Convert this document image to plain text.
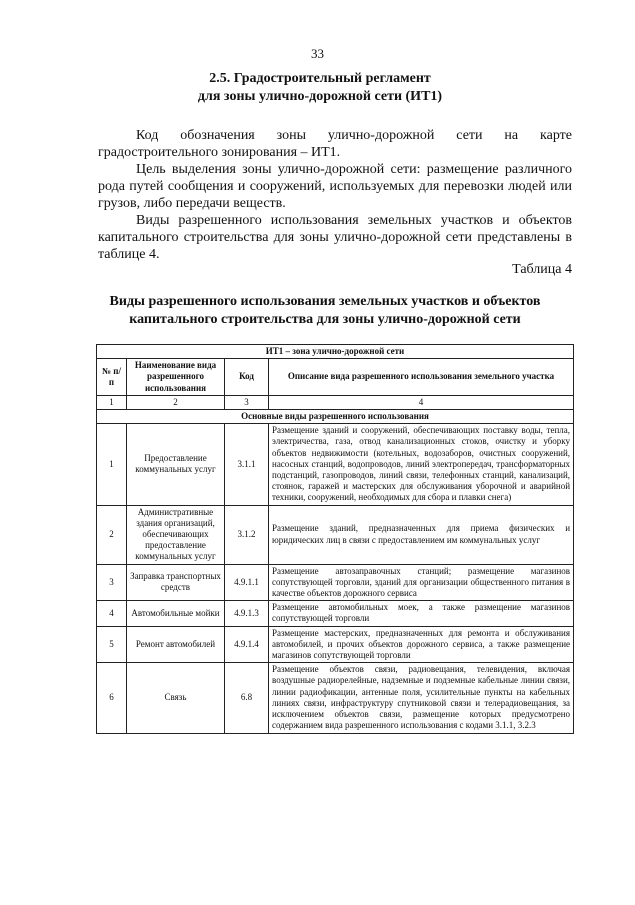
33
2.5. Градостроительный регламент
для зоны улично-дорожной сети (ИТ1)
Код обозначения зоны улично-дорожной сети на карте градостроительного зонирования – ИТ1.
Цель выделения зоны улично-дорожной сети: размещение различного рода путей сообщения и сооружений, используемых для перевозки людей или грузов, либо передачи веществ.
Виды разрешенного использования земельных участков и объектов капитального строительства для зоны улично-дорожной сети представлены в таблице 4.
Таблица 4
Виды разрешенного использования земельных участков и объектов
капитального строительства для зоны улично-дорожной сети
ИТ1 – зона улично-дорожной сети			
№ п/п	Наименование вида разрешенного использования	Код	Описание вида разрешенного использования земельного участка
1	2	3	4
Основные виды разрешенного использования			
1	Предоставление коммунальных услуг	3.1.1	Размещение зданий и сооружений, обеспечивающих поставку воды, тепла, электричества, газа, отвод канализационных стоков, очистку и уборку объектов недвижимости (котельных, водозаборов, очистных сооружений, насосных станций, водопроводов, линий электропередач, трансформаторных подстанций, газопроводов, линий связи, телефонных станций, канализаций, стоянок, гаражей и мастерских для обслуживания уборочной и аварийной техники, сооружений, необходимых для сбора и плавки снега)
2	Административные здания организаций, обеспечивающих предоставление коммунальных услуг	3.1.2	Размещение зданий, предназначенных для приема физических и юридических лиц в связи с предоставлением им коммунальных услуг
3	Заправка транспортных средств	4.9.1.1	Размещение автозаправочных станций; размещение магазинов сопутствующей торговли, зданий для организации общественного питания в качестве объектов дорожного сервиса
4	Автомобильные мойки	4.9.1.3	Размещение автомобильных моек, а также размещение магазинов сопутствующей торговли
5	Ремонт автомобилей	4.9.1.4	Размещение мастерских, предназначенных для ремонта и обслуживания автомобилей, и прочих объектов дорожного сервиса, а также размещение магазинов сопутствующей торговли
6	Связь	6.8	Размещение объектов связи, радиовещания, телевидения, включая воздушные радиорелейные, надземные и подземные кабельные линии связи, линии радиофикации, антенные поля, усилительные пункты на кабельных линиях связи, инфраструктуру спутниковой связи и телерадиовещания, за исключением объектов связи, размещение которых предусмотрено содержанием вида разрешенного использования с кодами 3.1.1, 3.2.3
